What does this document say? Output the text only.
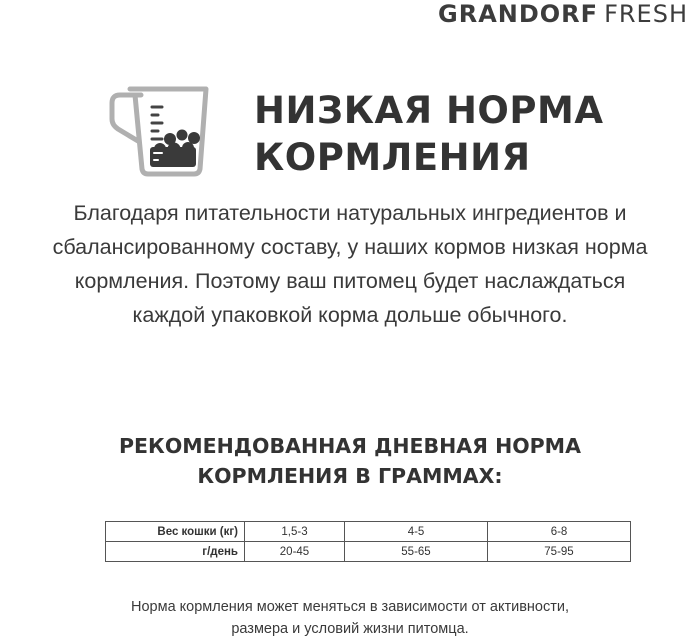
GRANDORF FRESH
НИЗКАЯ НОРМА
КОРМЛЕНИЯ
Благодаря питательности натуральных ингредиентов и
сбалансированному составу, у наших кормов низкая норма
кормления. Поэтому ваш питомец будет наслаждаться
каждой упаковкой корма дольше обычного.
РЕКОМЕНДОВАННАЯ ДНЕВНАЯ НОРМА
КОРМЛЕНИЯ В ГРАММАХ:
Вес кошки (кг)	1,5-3	4-5	6-8
г/день	20-45	55-65	75-95
Норма кормления может меняться в зависимости от активности,
размера и условий жизни питомца.
